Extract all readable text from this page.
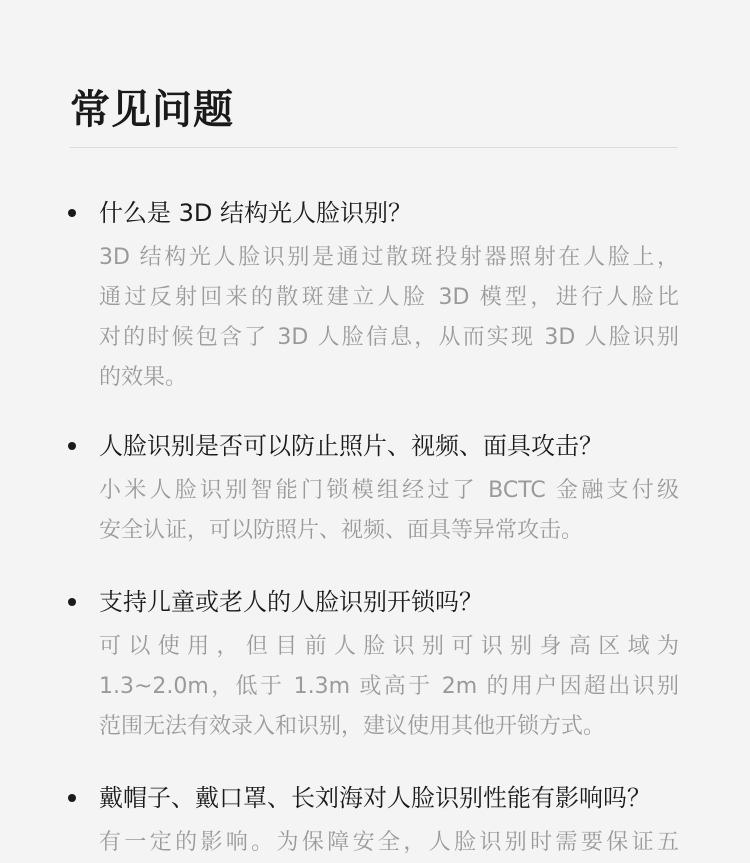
常见问题
什么是 3D 结构光人脸识别？

3D 结构光人脸识别是通过散斑投射器照射在人脸上，
通过反射回来的散斑建立人脸 3D 模型，进行人脸比
对的时候包含了 3D 人脸信息，从而实现 3D 人脸识别
的效果。

人脸识别是否可以防止照片、视频、面具攻击？

小米人脸识别智能门锁模组经过了 BCTC 金融支付级
安全认证，可以防照片、视频、面具等异常攻击。

支持儿童或老人的人脸识别开锁吗？

可以使用，但目前人脸识别可识别身高区域为
1.3~2.0m，低于 1.3m 或高于 2m 的用户因超出识别
范围无法有效录入和识别，建议使用其他开锁方式。

戴帽子、戴口罩、长刘海对人脸识别性能有影响吗？

有一定的影响。为保障安全，人脸识别时需要保证五
